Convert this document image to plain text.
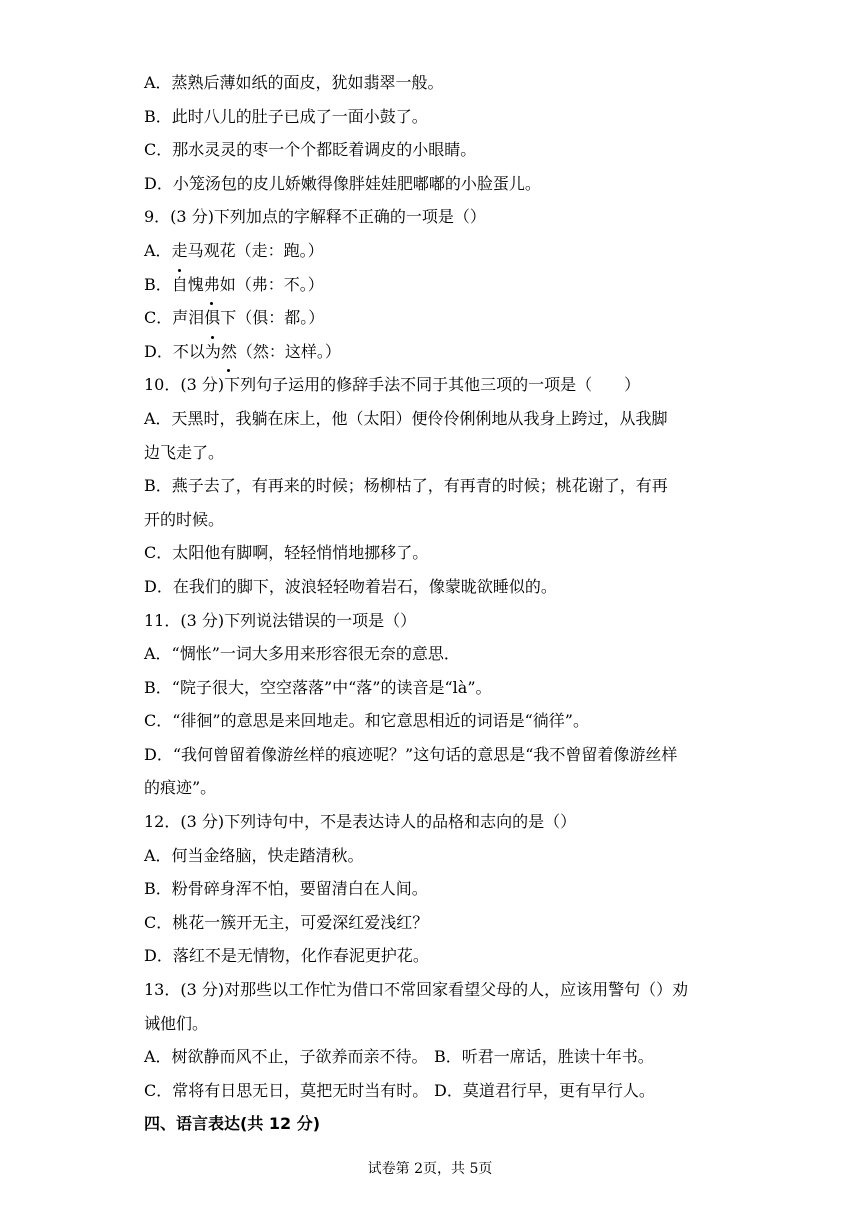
A．蒸熟后薄如纸的面皮，犹如翡翠一般。
B．此时八儿的肚子已成了一面小鼓了。
C．那水灵灵的枣一个个都眨着调皮的小眼睛。
D．小笼汤包的皮儿娇嫩得像胖娃娃肥嘟嘟的小脸蛋儿。
9．(3 分)下列加点的字解释不正确的一项是（）
A．走马观花（走：跑。）
B．自愧弗如（弗：不。）
C．声泪俱下（俱：都。）
D．不以为然（然：这样。）
10．(3 分)下列句子运用的修辞手法不同于其他三项的一项是（　　）
A．天黑时，我躺在床上，他（太阳）便伶伶俐俐地从我身上跨过，从我脚
边飞走了。
B．燕子去了，有再来的时候；杨柳枯了，有再青的时候；桃花谢了，有再
开的时候。
C．太阳他有脚啊，轻轻悄悄地挪移了。
D．在我们的脚下，波浪轻轻吻着岩石，像蒙昽欲睡似的。
11．(3 分)下列说法错误的一项是（）
A．“惆怅”一词大多用来形容很无奈的意思．
B．“院子很大，空空落落”中“落”的读音是“là”。
C．“徘徊”的意思是来回地走。和它意思相近的词语是“徜徉”。
D．“我何曾留着像游丝样的痕迹呢？”这句话的意思是“我不曾留着像游丝样
的痕迹”。
12．(3 分)下列诗句中，不是表达诗人的品格和志向的是（）
A．何当金络脑，快走踏清秋。
B．粉骨碎身浑不怕，要留清白在人间。
C．桃花一簇开无主，可爱深红爱浅红？
D．落红不是无情物，化作春泥更护花。
13．(3 分)对那些以工作忙为借口不常回家看望父母的人，应该用警句（）劝
诫他们。
A．树欲静而风不止，子欲养而亲不待。 B．听君一席话，胜读十年书。
C．常将有日思无日，莫把无时当有时。 D．莫道君行早，更有早行人。
四、语言表达(共 12 分)
试卷第 2页，共 5页
